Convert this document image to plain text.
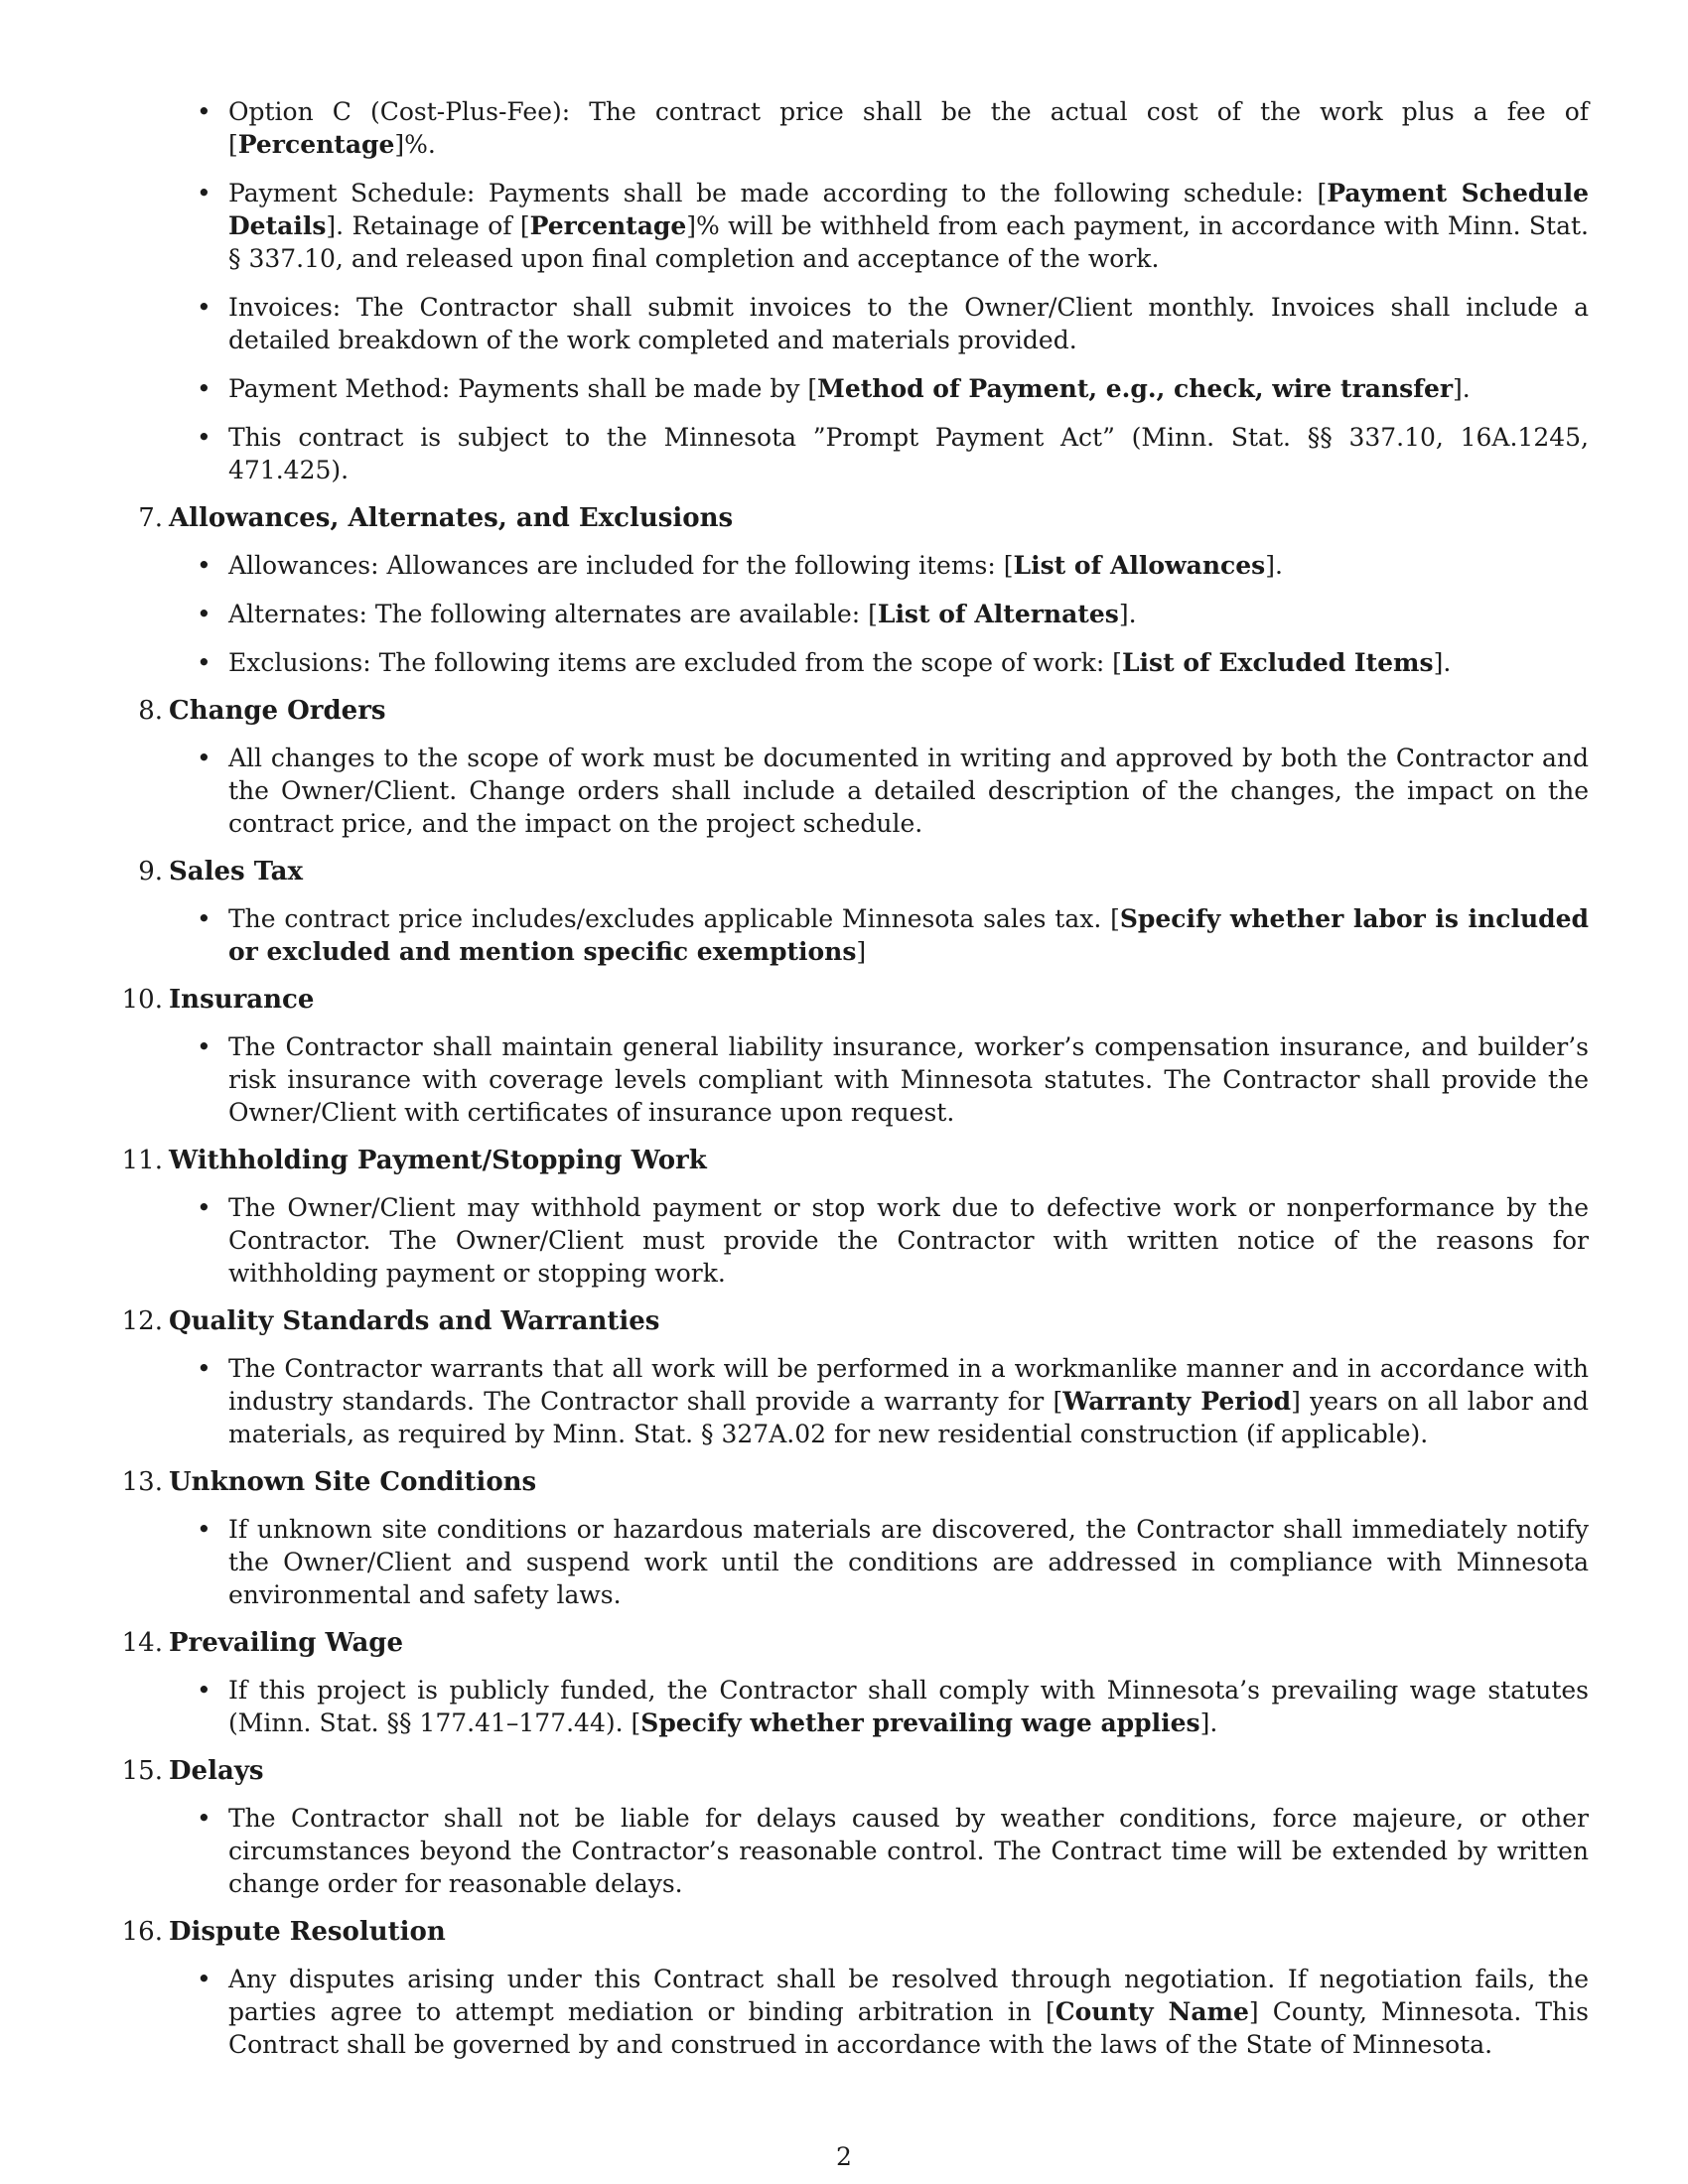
• Option C (Cost-Plus-Fee): The contract price shall be the actual cost of the work plus a fee of [Percentage]%.
• Payment Schedule: Payments shall be made according to the following schedule: [Payment Schedule Details]. Retainage of [Percentage]% will be withheld from each payment, in accordance with Minn. Stat. § 337.10, and released upon final completion and acceptance of the work.
• Invoices: The Contractor shall submit invoices to the Owner/Client monthly. Invoices shall include a detailed breakdown of the work completed and materials provided.
• Payment Method: Payments shall be made by [Method of Payment, e.g., check, wire transfer].
• This contract is subject to the Minnesota ”Prompt Payment Act” (Minn. Stat. §§ 337.10, 16A.1245, 471.425).
7. Allowances, Alternates, and Exclusions
• Allowances: Allowances are included for the following items: [List of Allowances].
• Alternates: The following alternates are available: [List of Alternates].
• Exclusions: The following items are excluded from the scope of work: [List of Excluded Items].
8. Change Orders
• All changes to the scope of work must be documented in writing and approved by both the Contractor and the Owner/Client. Change orders shall include a detailed description of the changes, the impact on the contract price, and the impact on the project schedule.
9. Sales Tax
• The contract price includes/excludes applicable Minnesota sales tax. [Specify whether labor is included or excluded and mention specific exemptions]
10. Insurance
• The Contractor shall maintain general liability insurance, worker’s compensation insurance, and builder’s risk insurance with coverage levels compliant with Minnesota statutes. The Contractor shall provide the Owner/Client with certificates of insurance upon request.
11. Withholding Payment/Stopping Work
• The Owner/Client may withhold payment or stop work due to defective work or nonperformance by the Contractor. The Owner/Client must provide the Contractor with written notice of the reasons for withholding payment or stopping work.
12. Quality Standards and Warranties
• The Contractor warrants that all work will be performed in a workmanlike manner and in accordance with industry standards. The Contractor shall provide a warranty for [Warranty Period] years on all labor and materials, as required by Minn. Stat. § 327A.02 for new residential construction (if applicable).
13. Unknown Site Conditions
• If unknown site conditions or hazardous materials are discovered, the Contractor shall immediately notify the Owner/Client and suspend work until the conditions are addressed in compliance with Minnesota environmental and safety laws.
14. Prevailing Wage
• If this project is publicly funded, the Contractor shall comply with Minnesota’s prevailing wage statutes (Minn. Stat. §§ 177.41–177.44). [Specify whether prevailing wage applies].
15. Delays
• The Contractor shall not be liable for delays caused by weather conditions, force majeure, or other circumstances beyond the Contractor’s reasonable control. The Contract time will be extended by written change order for reasonable delays.
16. Dispute Resolution
• Any disputes arising under this Contract shall be resolved through negotiation. If negotiation fails, the parties agree to attempt mediation or binding arbitration in [County Name] County, Minnesota. This Contract shall be governed by and construed in accordance with the laws of the State of Minnesota.
2
